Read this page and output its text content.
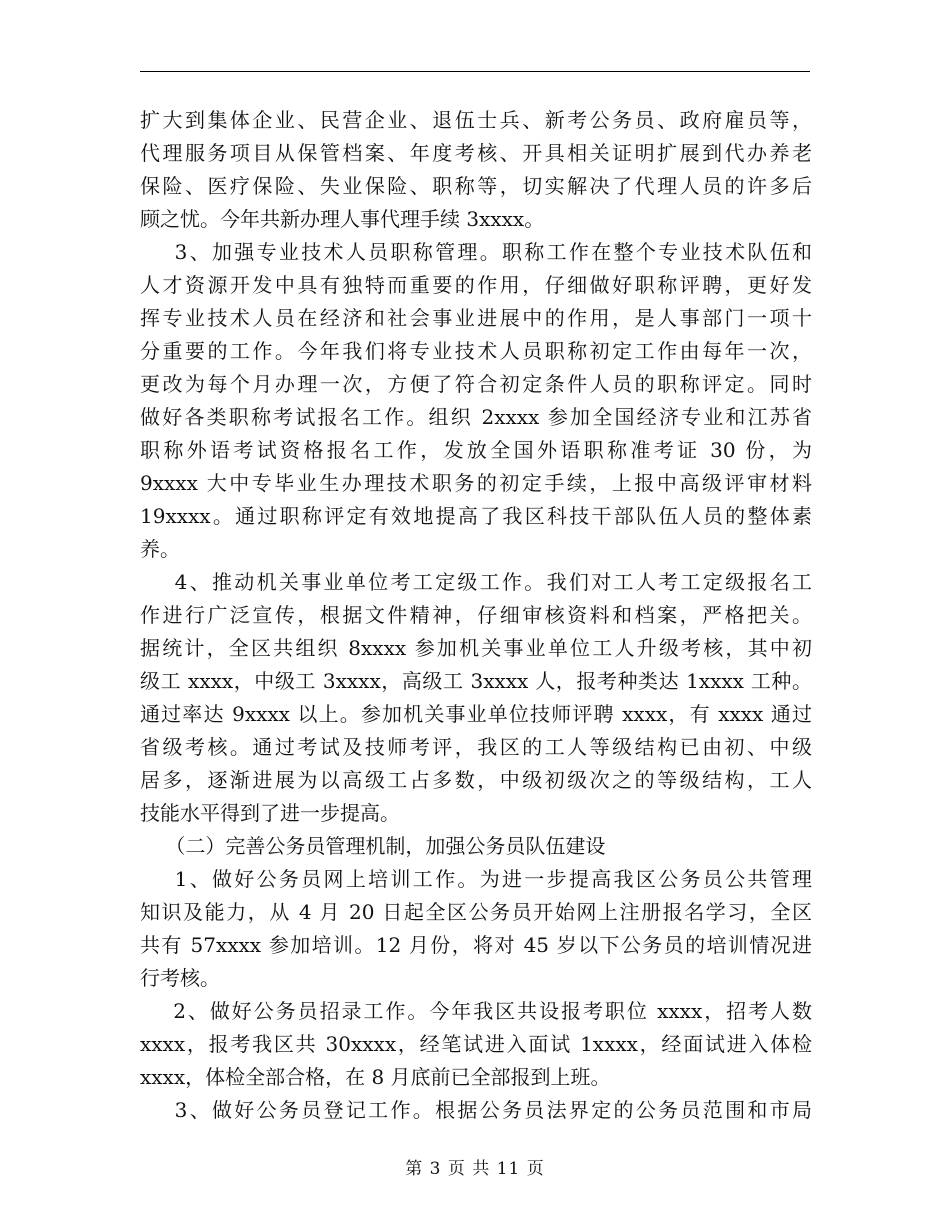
扩大到集体企业、民营企业、退伍士兵、新考公务员、政府雇员等，
代理服务项目从保管档案、年度考核、开具相关证明扩展到代办养老
保险、医疗保险、失业保险、职称等，切实解决了代理人员的许多后
顾之忧。今年共新办理人事代理手续 3xxxx。
3、加强专业技术人员职称管理。职称工作在整个专业技术队伍和
人才资源开发中具有独特而重要的作用，仔细做好职称评聘，更好发
挥专业技术人员在经济和社会事业进展中的作用，是人事部门一项十
分重要的工作。今年我们将专业技术人员职称初定工作由每年一次，
更改为每个月办理一次，方便了符合初定条件人员的职称评定。同时
做好各类职称考试报名工作。组织 2xxxx 参加全国经济专业和江苏省
职称外语考试资格报名工作，发放全国外语职称准考证 30 份，为
9xxxx 大中专毕业生办理技术职务的初定手续，上报中高级评审材料
19xxxx。通过职称评定有效地提高了我区科技干部队伍人员的整体素
养。
4、推动机关事业单位考工定级工作。我们对工人考工定级报名工
作进行广泛宣传，根据文件精神，仔细审核资料和档案，严格把关。
据统计，全区共组织 8xxxx 参加机关事业单位工人升级考核，其中初
级工 xxxx，中级工 3xxxx，高级工 3xxxx 人，报考种类达 1xxxx 工种。
通过率达 9xxxx 以上。参加机关事业单位技师评聘 xxxx，有 xxxx 通过
省级考核。通过考试及技师考评，我区的工人等级结构已由初、中级
居多，逐渐进展为以高级工占多数，中级初级次之的等级结构，工人
技能水平得到了进一步提高。
（二）完善公务员管理机制，加强公务员队伍建设
1、做好公务员网上培训工作。为进一步提高我区公务员公共管理
知识及能力，从 4 月 20 日起全区公务员开始网上注册报名学习，全区
共有 57xxxx 参加培训。12 月份，将对 45 岁以下公务员的培训情况进
行考核。
2、做好公务员招录工作。今年我区共设报考职位 xxxx，招考人数
xxxx，报考我区共 30xxxx，经笔试进入面试 1xxxx，经面试进入体检
xxxx，体检全部合格，在 8 月底前已全部报到上班。
3、做好公务员登记工作。根据公务员法界定的公务员范围和市局
第 3 页 共 11 页
